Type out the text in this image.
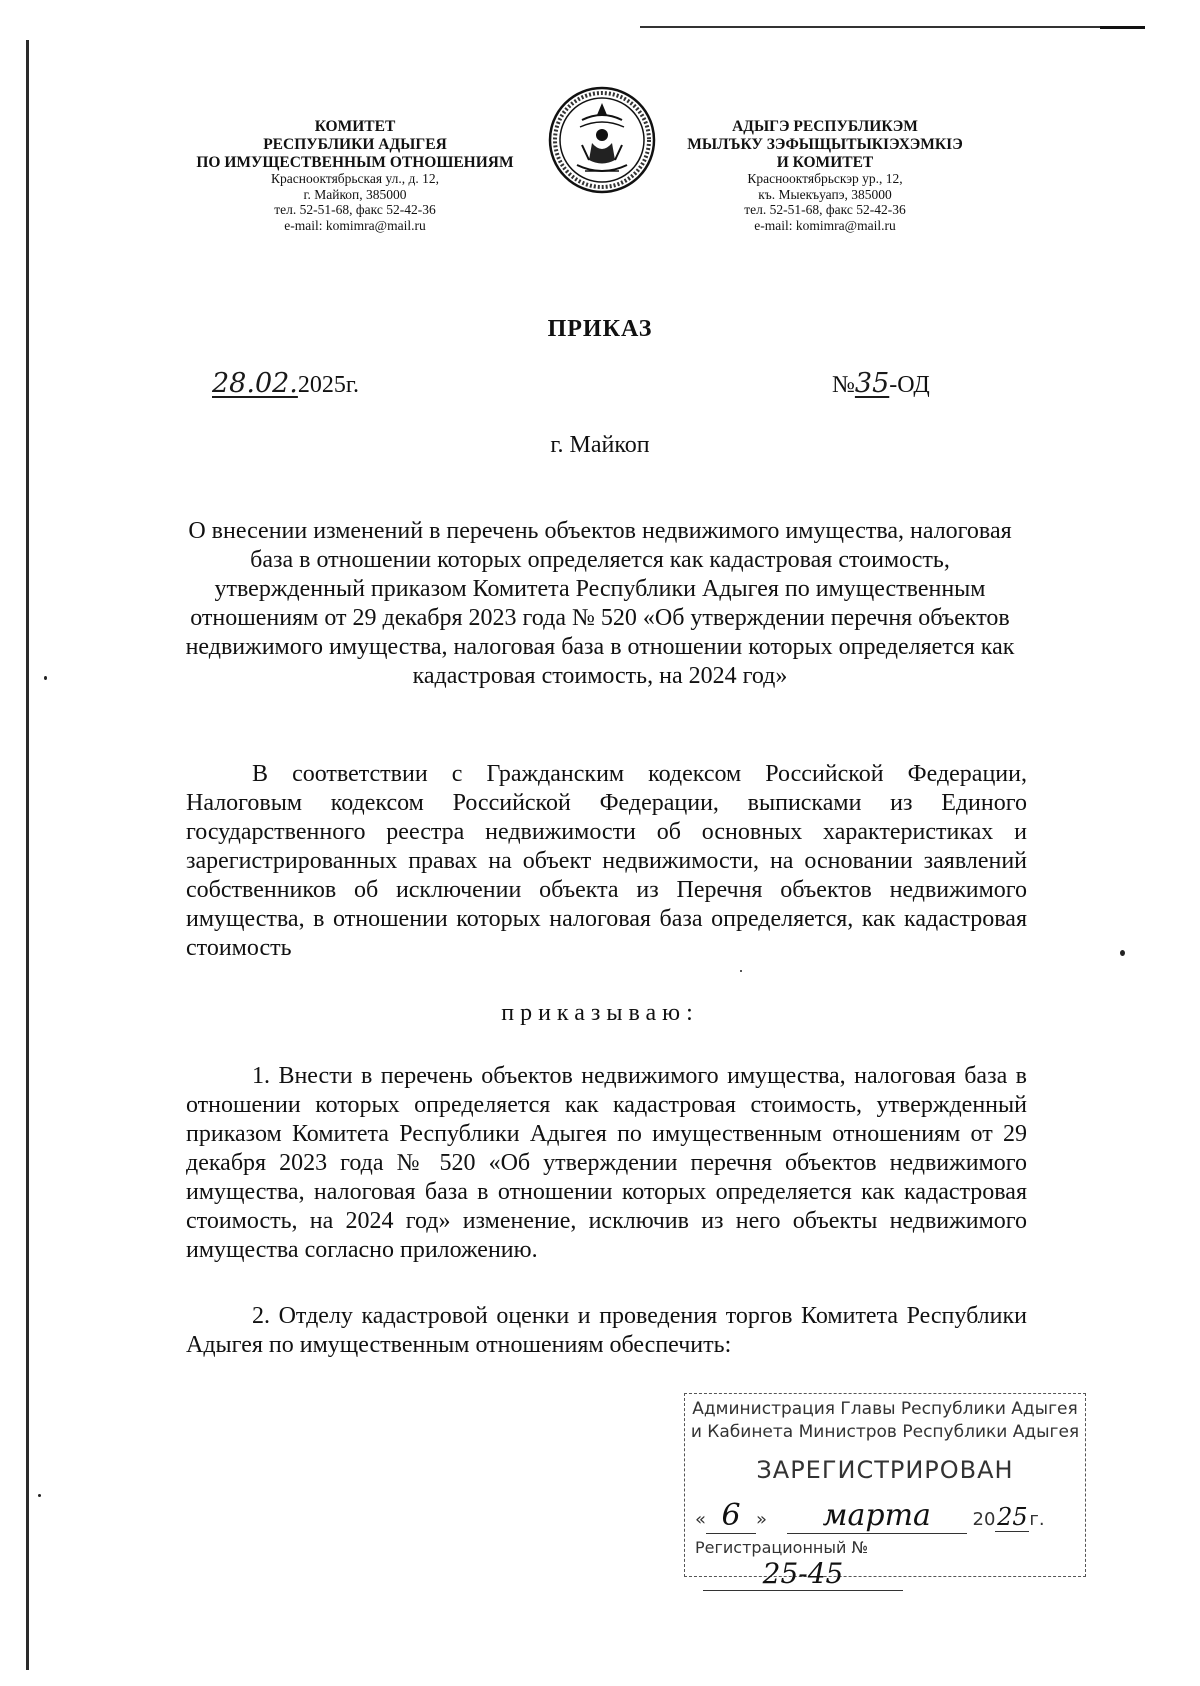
КОМИТЕТ
РЕСПУБЛИКИ АДЫГЕЯ
ПО ИМУЩЕСТВЕННЫМ ОТНОШЕНИЯМ
Краснооктябрьская ул., д. 12,
г. Майкоп, 385000
тел. 52-51-68, факс 52-42-36
e-mail: komimra@mail.ru
АДЫГЭ РЕСПУБЛИКЭМ
МЫЛЪКУ ЗЭФЫЩЫТЫКІЭХЭМКІЭ
И КОМИТЕТ
Краснооктябрьскэр ур., 12,
къ. Мыекъуапэ, 385000
тел. 52-51-68, факс 52-42-36
e-mail: komimra@mail.ru
ПРИКАЗ
28.02.2025г.	№35-ОД
г. Майкоп
О внесении изменений в перечень объектов недвижимого имущества, налоговая база в отношении которых определяется как кадастровая стоимость, утвержденный приказом Комитета Республики Адыгея по имущественным отношениям от 29 декабря 2023 года № 520 «Об утверждении перечня объектов недвижимого имущества, налоговая база в отношении которых определяется как кадастровая стоимость, на 2024 год»
В соответствии с Гражданским кодексом Российской Федерации, Налоговым кодексом Российской Федерации, выписками из Единого государственного реестра недвижимости об основных характеристиках и зарегистрированных правах на объект недвижимости, на основании заявлений собственников об исключении объекта из Перечня объектов недвижимого имущества, в отношении которых налоговая база определяется, как кадастровая стоимость
приказываю:
1. Внести в перечень объектов недвижимого имущества, налоговая база в отношении которых определяется как кадастровая стоимость, утвержденный приказом Комитета Республики Адыгея по имущественным отношениям от 29 декабря 2023 года № 520 «Об утверждении перечня объектов недвижимого имущества, налоговая база в отношении которых определяется как кадастровая стоимость, на 2024 год» изменение, исключив из него объекты недвижимого имущества согласно приложению.
2. Отделу кадастровой оценки и проведения торгов Комитета Республики Адыгея по имущественным отношениям обеспечить:
Администрация Главы Республики Адыгея
и Кабинета Министров Республики Адыгея
ЗАРЕГИСТРИРОВАН
« 6 » марта 2025г.
Регистрационный № 25-45
